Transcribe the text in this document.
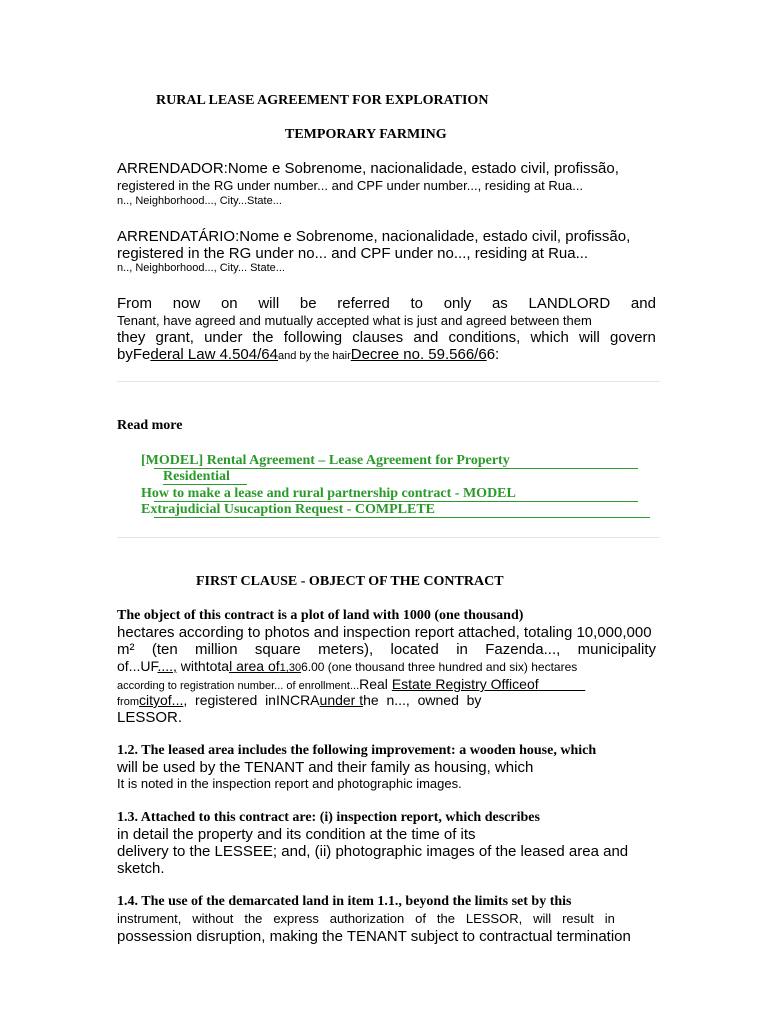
RURAL LEASE AGREEMENT FOR EXPLORATION
TEMPORARY FARMING
ARRENDADOR:Nome e Sobrenome, nacionalidade, estado civil, profissão,
registered in the RG under number... and CPF under number..., residing at Rua...
n.., Neighborhood..., City...State...
ARRENDATÁRIO:Nome e Sobrenome, nacionalidade, estado civil, profissão,
registered in the RG under no... and CPF under no..., residing at Rua...
n.., Neighborhood..., City... State...
From now on will be referred to only as LANDLORD and
Tenant, have agreed and mutually accepted what is just and agreed between them
they grant, under the following clauses and conditions, which will govern
byFederal Law 4.504/64and by the hairDecree no. 59.566/66:
Read more
[MODEL] Rental Agreement – Lease Agreement for Property
Residential
How to make a lease and rural partnership contract - MODEL
Extrajudicial Usucaption Request - COMPLETE
FIRST CLAUSE - OBJECT OF THE CONTRACT
The object of this contract is a plot of land with 1000 (one thousand)
hectares according to photos and inspection report attached, totaling 10,000,000
m² (ten million square meters), located in Fazenda..., municipality
of...UF...., withtotal area of1,306.00 (one thousand three hundred and six) hectares
according to registration number... of enrollment...Real Estate Registry Officeof​
fromcityof...,  registered  inINCRAunder the  n...,  owned  by
LESSOR.
1.2. The leased area includes the following improvement: a wooden house, which
will be used by the TENANT and their family as housing, which
It is noted in the inspection report and photographic images.
1.3. Attached to this contract are: (i) inspection report, which describes
in detail the property and its condition at the time of its
delivery to the LESSEE; and, (ii) photographic images of the leased area and
sketch.
1.4. The use of the demarcated land in item 1.1., beyond the limits set by this
instrument, without the express authorization of the LESSOR, will result in
possession disruption, making the TENANT subject to contractual termination
